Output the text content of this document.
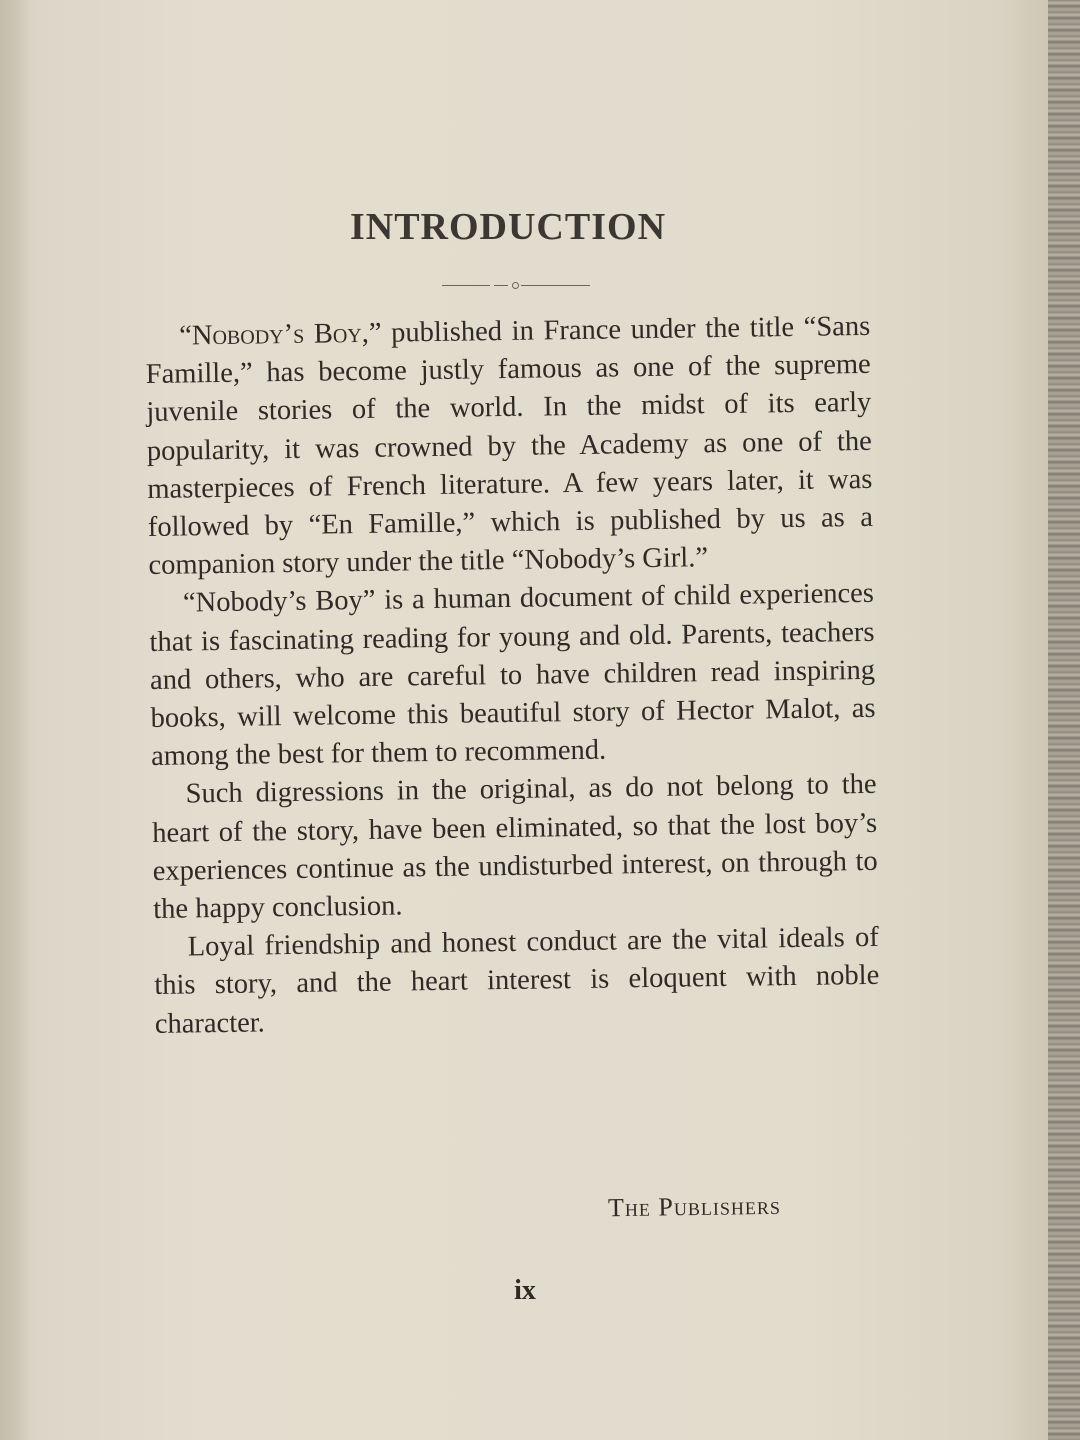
INTRODUCTION

“Nobody’s Boy,” published in France under the title “Sans Famille,” has become justly famous as one of the supreme juvenile stories of the world. In the midst of its early popularity, it was crowned by the Academy as one of the masterpieces of French literature. A few years later, it was followed by “En Famille,” which is published by us as a companion story under the title “Nobody’s Girl.”

“Nobody’s Boy” is a human document of child experiences that is fascinating reading for young and old. Parents, teachers and others, who are careful to have children read inspiring books, will welcome this beautiful story of Hector Malot, as among the best for them to recommend.

Such digressions in the original, as do not belong to the heart of the story, have been eliminated, so that the lost boy’s experiences continue as the undisturbed interest, on through to the happy conclusion.

Loyal friendship and honest conduct are the vital ideals of this story, and the heart interest is eloquent with noble character.

The Publishers
ix
